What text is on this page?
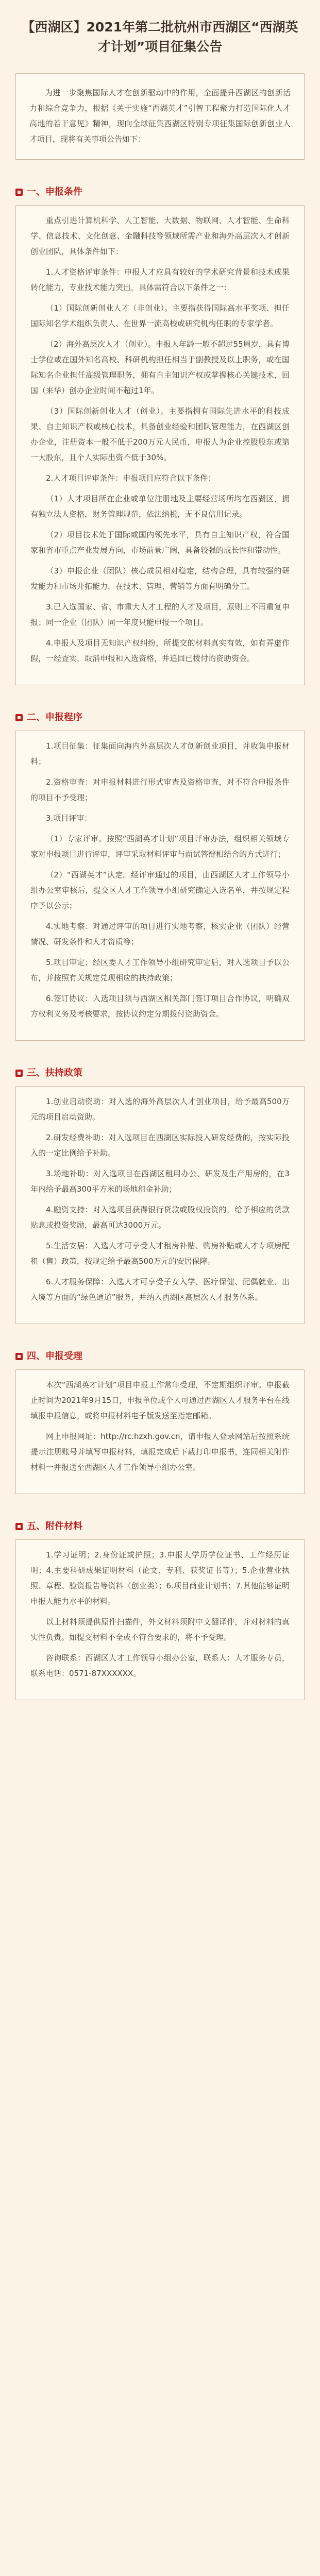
【西湖区】2021年第二批杭州市西湖区“西湖英才计划”项目征集公告
为进一步聚焦国际人才在创新驱动中的作用，全面提升西湖区的创新活力和综合竞争力，根据《关于实施“西湖英才”引智工程聚力打造国际化人才高地的若干意见》精神，现向全球征集西湖区特别专项征集国际创新创业人才项目，现将有关事项公告如下：
一、申报条件

重点引进计算机科学、人工智能、大数据、物联网、人才智能、生命科学、信息技术、文化创意、金融科技等领域所需产业和海外高层次人才创新创业团队，具体条件如下：

1.人才资格评审条件：申报人才应具有较好的学术研究背景和技术成果转化能力，专业技术能力突出，具体需符合以下条件之一：

（1）国际创新创业人才（非创业）。主要指获得国际高水平奖项、担任国际知名学术组织负责人、在世界一流高校或研究机构任职的专家学者。

（2）海外高层次人才（创业）。申报人年龄一般不超过55周岁，具有博士学位或在国外知名高校、科研机构担任相当于副教授及以上职务，或在国际知名企业担任高级管理职务，拥有自主知识产权或掌握核心关键技术，回国（来华）创办企业时间不超过1年。

（3）国际创新创业人才（创业）。主要指拥有国际先进水平的科技成果、自主知识产权或核心技术，具备创业经验和团队管理能力，在西湖区创办企业，注册资本一般不低于200万元人民币，申报人为企业控股股东或第一大股东，且个人实际出资不低于30%。

2.人才项目评审条件：申报项目应符合以下条件：

（1）人才项目所在企业或单位注册地及主要经营场所均在西湖区，拥有独立法人资格，财务管理规范，依法纳税，无不良信用记录。

（2）项目技术处于国际或国内领先水平，具有自主知识产权，符合国家和省市重点产业发展方向，市场前景广阔，具备较强的成长性和带动性。

（3）申报企业（团队）核心成员相对稳定，结构合理，具有较强的研发能力和市场开拓能力，在技术、管理、营销等方面有明确分工。

3.已入选国家、省、市重大人才工程的人才及项目，原则上不再重复申报；同一企业（团队）同一年度只能申报一个项目。

4.申报人及项目无知识产权纠纷，所提交的材料真实有效，如有弄虚作假，一经查实，取消申报和入选资格，并追回已拨付的资助资金。

二、申报程序

1.项目征集：征集面向海内外高层次人才创新创业项目，并收集申报材料；

2.资格审查：对申报材料进行形式审查及资格审查，对不符合申报条件的项目不予受理；

3.项目评审：

（1）专家评审。按照“西湖英才计划”项目评审办法，组织相关领域专家对申报项目进行评审，评审采取材料评审与面试答辩相结合的方式进行；

（2）“西湖英才”认定。经评审通过的项目，由西湖区人才工作领导小组办公室审核后，提交区人才工作领导小组研究确定入选名单，并按规定程序予以公示；

4.实地考察：对通过评审的项目进行实地考察，核实企业（团队）经营情况、研发条件和人才资质等；

5.项目审定：经区委人才工作领导小组研究审定后，对入选项目予以公布，并按照有关规定兑现相应的扶持政策；

6.签订协议：入选项目须与西湖区相关部门签订项目合作协议，明确双方权利义务及考核要求，按协议约定分期拨付资助资金。

三、扶持政策

1.创业启动资助：对入选的海外高层次人才创业项目，给予最高500万元的项目启动资助。

2.研发经费补助：对入选项目在西湖区实际投入研发经费的，按实际投入的一定比例给予补助。

3.场地补助：对入选项目在西湖区租用办公、研发及生产用房的，在3年内给予最高300平方米的场地租金补助；

4.融资支持：对入选项目获得银行贷款或股权投资的，给予相应的贷款贴息或投资奖励，最高可达3000万元。

5.生活安居：入选人才可享受人才租房补贴、购房补贴或人才专项房配租（售）政策，按规定给予最高500万元的安居保障。

6.人才服务保障：入选人才可享受子女入学、医疗保健、配偶就业、出入境等方面的“绿色通道”服务，并纳入西湖区高层次人才服务体系。

四、申报受理

本次“西湖英才计划”项目申报工作常年受理，不定期组织评审。申报截止时间为2021年9月15日，申报单位或个人可通过西湖区人才服务平台在线填报申报信息，或将申报材料电子版发送至指定邮箱。

网上申报网址：http://rc.hzxh.gov.cn，请申报人登录网站后按照系统提示注册账号并填写申报材料，填报完成后下载打印申报书，连同相关附件材料一并报送至西湖区人才工作领导小组办公室。

五、附件材料

1.学习证明；2.身份证或护照；3.申报人学历学位证书、工作经历证明；4.主要科研成果证明材料（论文、专利、获奖证书等）；5.企业营业执照、章程、验资报告等资料（创业类）；6.项目商业计划书；7.其他能够证明申报人能力水平的材料。

以上材料须提供原件扫描件，外文材料须附中文翻译件，并对材料的真实性负责。如提交材料不全或不符合要求的，将不予受理。

咨询联系：西湖区人才工作领导小组办公室，联系人：人才服务专员，联系电话：0571-87XXXXXX。
